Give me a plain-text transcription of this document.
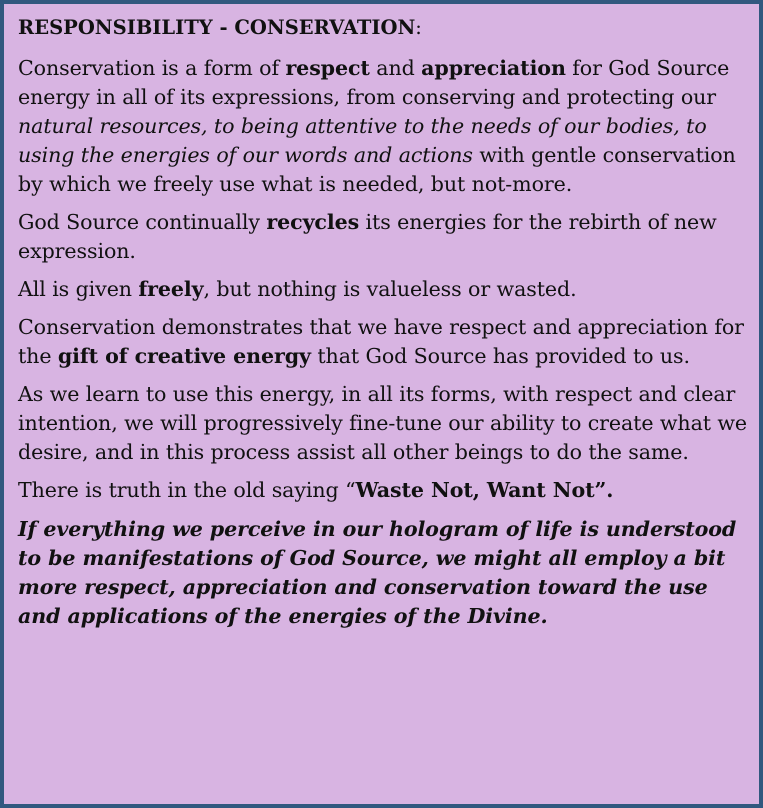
RESPONSIBILITY - CONSERVATION:
Conservation is a form of respect and appreciation for God Source energy in all of its expressions, from conserving and protecting our natural resources, to being attentive to the needs of our bodies, to using the energies of our words and actions with gentle conservation by which we freely use what is needed, but not-more.
God Source continually recycles its energies for the rebirth of new expression.
All is given freely, but nothing is valueless or wasted.
Conservation demonstrates that we have respect and appreciation for the gift of creative energy that God Source has provided to us.
As we learn to use this energy, in all its forms, with respect and clear intention, we will progressively fine-tune our ability to create what we desire, and in this process assist all other beings to do the same.
There is truth in the old saying “Waste Not, Want Not”.
If everything we perceive in our hologram of life is understood to be manifestations of God Source, we might all employ a bit more respect, appreciation and conservation toward the use and applications of the energies of the Divine.
